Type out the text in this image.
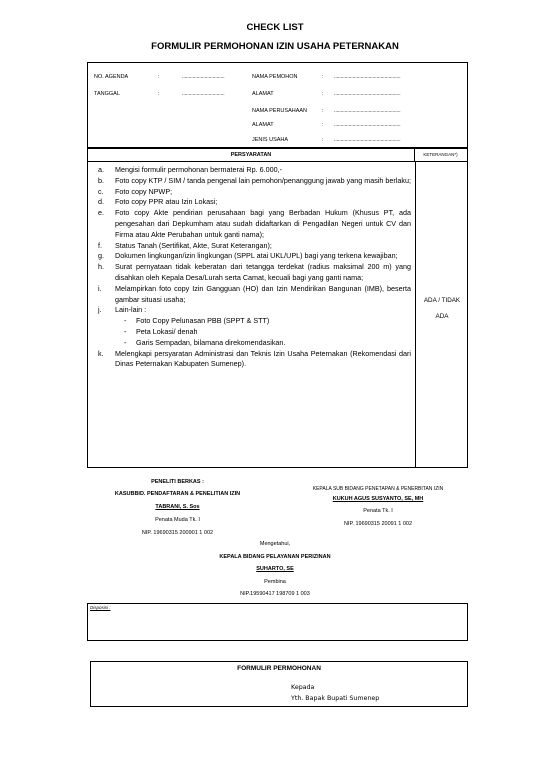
CHECK LIST
FORMULIR PERMOHONAN IZIN USAHA PETERNAKAN
NO. AGENDA	:	................................
TANGGAL	:	................................
NAMA PEMOHON	: ..................................................
ALAMAT	: ..................................................
NAMA PERUSAHAAN	: ..................................................
ALAMAT	: ..................................................
JENIS USAHA	: ..................................................
PERSYARATAN	KETERANGAN*)
a.	Mengisi formulir permohonan bermaterai Rp. 6.000,-
b.	Foto copy KTP / SIM / tanda pengenal lain pemohon/penanggung jawab yang masih berlaku;
c.	Foto copy NPWP;
d.	Foto copy PPR atau Izin Lokasi;
e.	Foto copy Akte pendirian perusahaan bagi yang Berbadan Hukum (Khusus PT, ada pengesahan dari Depkumham atau sudah didaftarkan di Pengadilan Negeri untuk CV dan Firma atau Akte Perubahan untuk ganti nama);
f.	Status Tanah (Sertifikat, Akte, Surat Keterangan);
g.	Dokumen lingkungan/izin lingkungan (SPPL atai UKL/UPL) bagi yang terkena kewajiban;
h.	Surat pernyataan tidak keberatan dari tetangga terdekat (radius maksimal 200 m) yang disahkan oleh Kepala Desa/Lurah serta Camat, kecuali bagi yang ganti nama;
i.	Melampirkan foto copy Izin Gangguan (HO) dan Izin Mendirikan Bangunan (IMB), beserta gambar situasi usaha;
j.	Lain-lain :
-	Foto Copy Pelunasan PBB (SPPT & STT)
-	Peta Lokasi/ denah
-	Garis Sempadan, bilamana direkomendasikan.
k.	Melengkapi persyaratan Administrasi dan Teknis Izin Usaha Peternakan (Rekomendasi dari Dinas Peternakan Kabupaten Sumenep).
ADA / TIDAK
ADA
PENELITI BERKAS :
KASUBBID. PENDAFTARAN & PENELITIAN IZIN
TABRANI, S. Sos
Penata Muda Tk. I
NIP. 19690315 200901 1 002
KEPALA SUB BIDANG PENETAPAN & PENERBITAN IZIN
KUKUH AGUS SUSYANTO, SE, MH
Penata Tk. I
NIP. 19690315 20091 1 002
Mengetahui,
KEPALA BIDANG PELAYANAN PERIZINAN
SUHARTO, SE
Pembina
NIP.19590417 198709 1 003
Disposisi :
FORMULIR PERMOHONAN
Kepada
Yth. Bapak Bupati Sumenep
